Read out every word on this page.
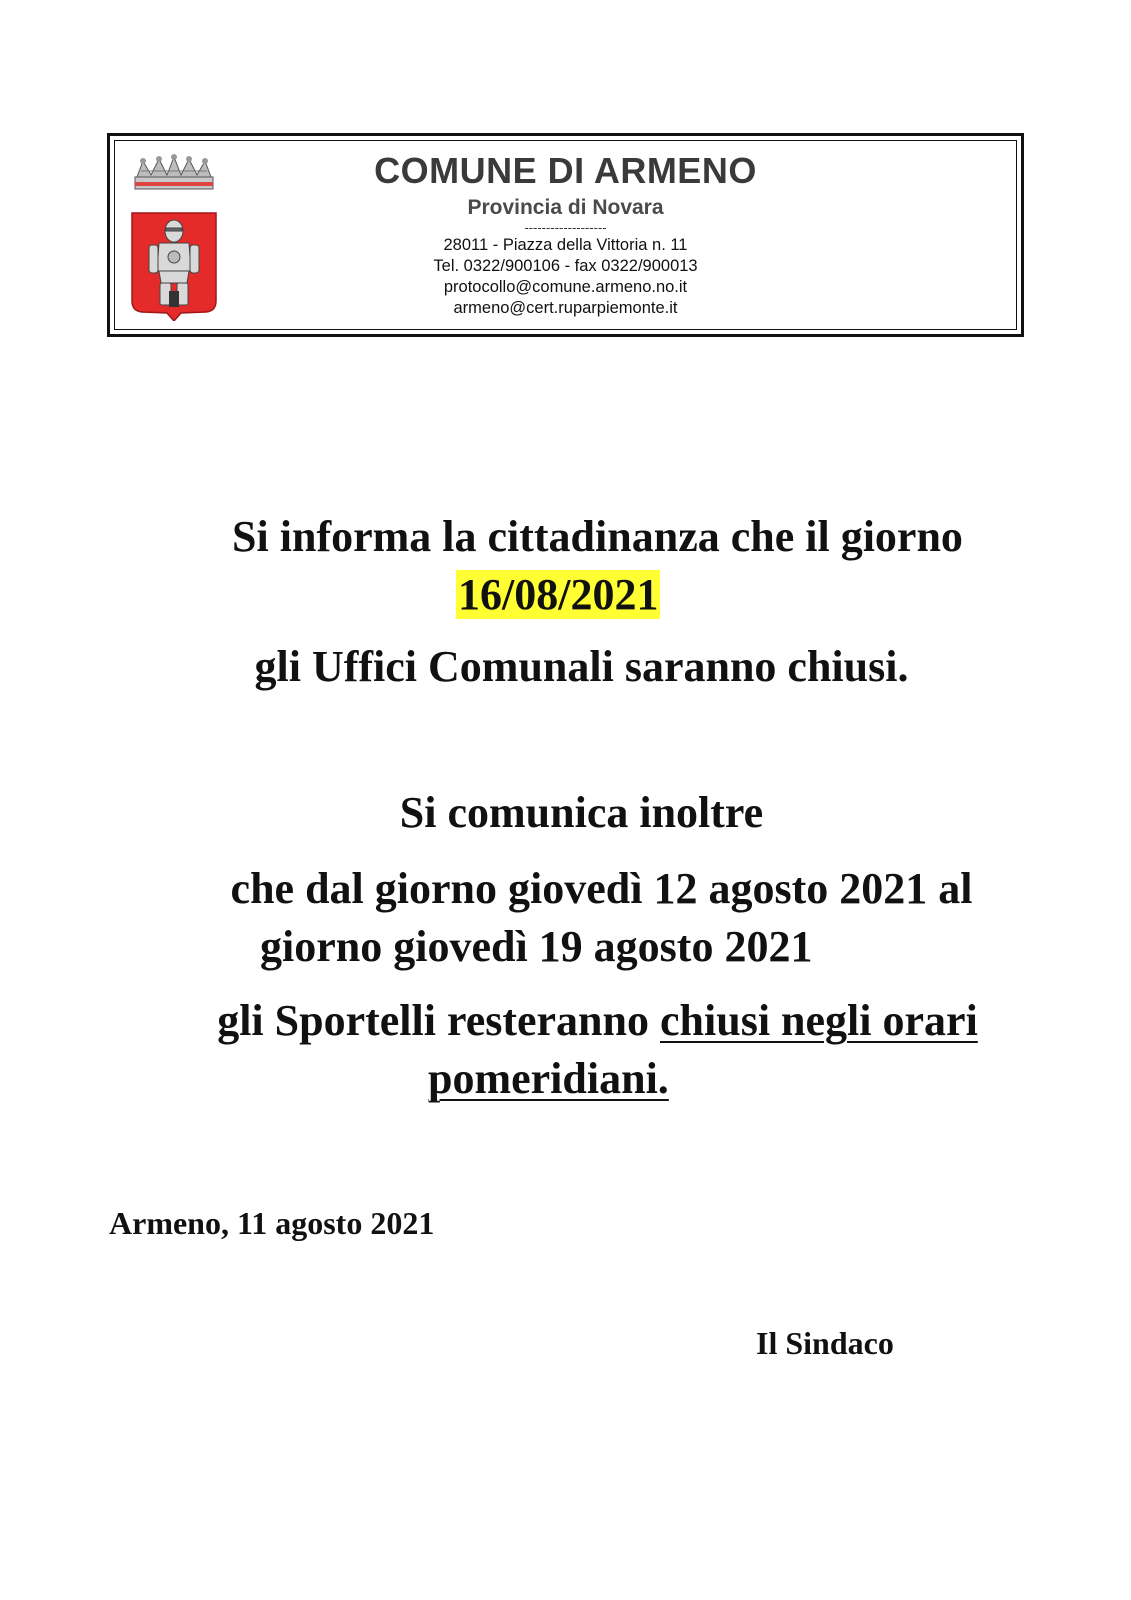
COMUNE DI ARMENO
Provincia di Novara
-------------------
28011 - Piazza della Vittoria n. 11
Tel. 0322/900106 - fax 0322/900013
protocollo@comune.armeno.no.it
armeno@cert.ruparpiemonte.it
Si informa la cittadinanza che il giorno
16/08/2021
gli Uffici Comunali saranno chiusi.
Si comunica inoltre
che dal giorno giovedì 12 agosto 2021 al
giorno giovedì 19 agosto 2021
gli Sportelli resteranno chiusi negli orari
pomeridiani.
Armeno, 11 agosto 2021
Il Sindaco
